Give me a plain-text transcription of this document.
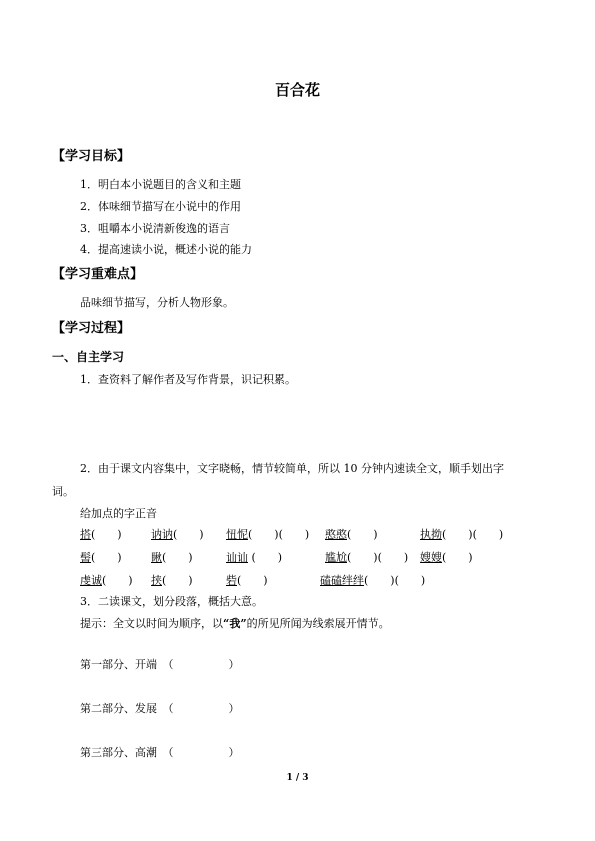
百合花
【学习目标】
1．明白本小说题目的含义和主题
2．体味细节描写在小说中的作用
3．咀嚼本小说清新俊逸的语言
4．提高速读小说，概述小说的能力
【学习重难点】
品味细节描写，分析人物形象。
【学习过程】
一、自主学习
1．查资料了解作者及写作背景，识记积累。
2．由于课文内容集中，文字晓畅，情节较简单，所以 10 分钟内速读全文，顺手划出字
词。
给加点的字正音
搭(　　)	讷讷(　　) 忸怩(　　)(　　) 憨憨(　　)	执拗(　　)(　　)
髻(　　)	瞅(　　)	讪讪 (　　)	尴尬(　　)(　　) 嫂嫂(　　)
虔诚(　　) 挟(　　)	砦(　　)	磕磕绊绊(　　)(　　)
3．二读课文，划分段落，概括大意。
提示：全文以时间为顺序，以“我”的所见所闻为线索展开情节。
第一部分、开端　（　　　　　）
第二部分、发展　（　　　　　）
第三部分、高潮　（　　　　　）
1 / 3
